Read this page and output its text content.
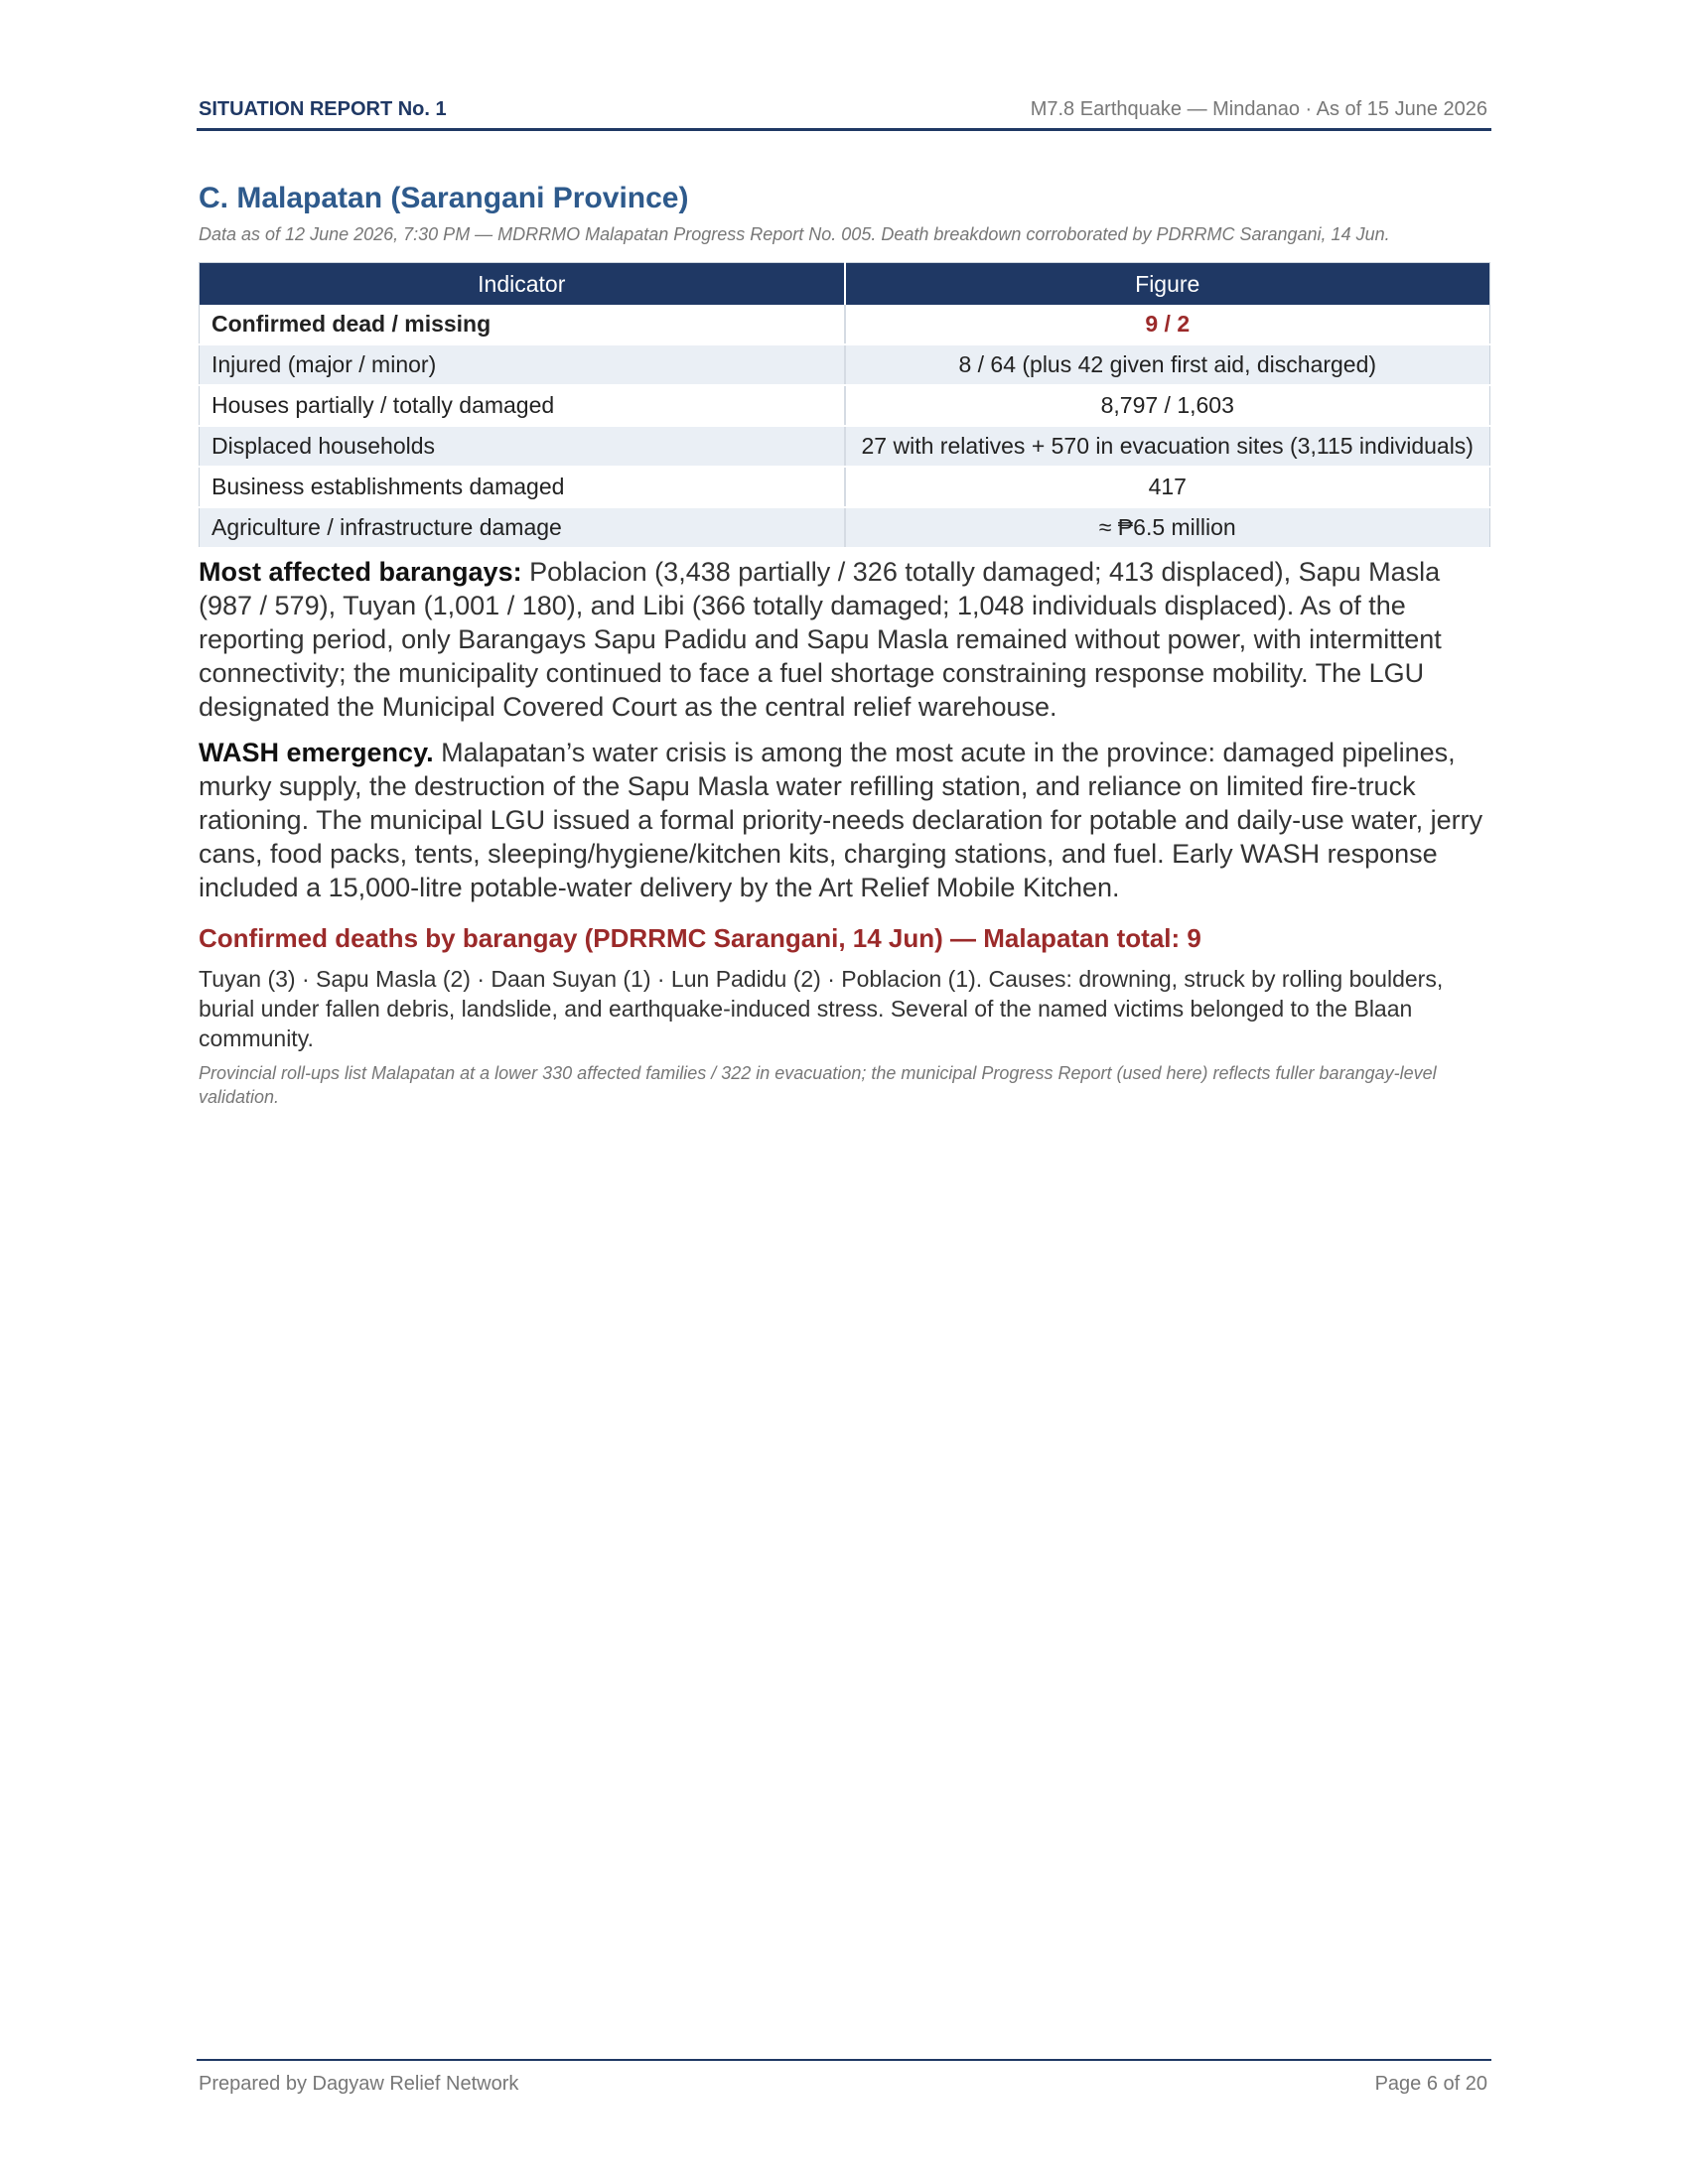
SITUATION REPORT No. 1	M7.8 Earthquake — Mindanao · As of 15 June 2026
C. Malapatan (Sarangani Province)

Data as of 12 June 2026, 7:30 PM — MDRRMO Malapatan Progress Report No. 005. Death breakdown corroborated by PDRRMC Sarangani, 14 Jun.

Indicator	Figure
Confirmed dead / missing	9 / 2
Injured (major / minor)	8 / 64 (plus 42 given first aid, discharged)
Houses partially / totally damaged	8,797 / 1,603
Displaced households	27 with relatives + 570 in evacuation sites (3,115 individuals)
Business establishments damaged	417
Agriculture / infrastructure damage	≈ ₱6.5 million

Most affected barangays: Poblacion (3,438 partially / 326 totally damaged; 413 displaced), Sapu Masla (987 / 579), Tuyan (1,001 / 180), and Libi (366 totally damaged; 1,048 individuals displaced). As of the reporting period, only Barangays Sapu Padidu and Sapu Masla remained without power, with intermittent connectivity; the municipality continued to face a fuel shortage constraining response mobility. The LGU designated the Municipal Covered Court as the central relief warehouse.

WASH emergency. Malapatan’s water crisis is among the most acute in the province: damaged pipelines, murky supply, the destruction of the Sapu Masla water refilling station, and reliance on limited fire-truck rationing. The municipal LGU issued a formal priority-needs declaration for potable and daily-use water, jerry cans, food packs, tents, sleeping/hygiene/kitchen kits, charging stations, and fuel. Early WASH response included a 15,000-litre potable-water delivery by the Art Relief Mobile Kitchen.

Confirmed deaths by barangay (PDRRMC Sarangani, 14 Jun) — Malapatan total: 9

Tuyan (3) · Sapu Masla (2) · Daan Suyan (1) · Lun Padidu (2) · Poblacion (1). Causes: drowning, struck by rolling boulders, burial under fallen debris, landslide, and earthquake-induced stress. Several of the named victims belonged to the Blaan community.

Provincial roll-ups list Malapatan at a lower 330 affected families / 322 in evacuation; the municipal Progress Report (used here) reflects fuller barangay-level validation.

Prepared by Dagyaw Relief Network	Page 6 of 20
